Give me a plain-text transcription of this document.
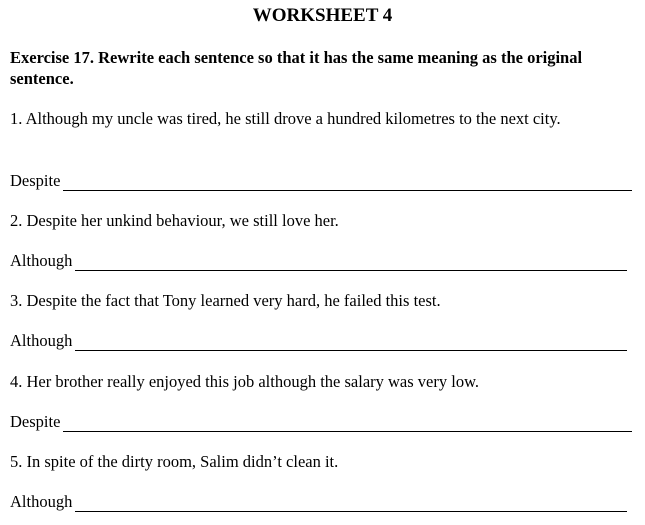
WORKSHEET 4
Exercise 17. Rewrite each sentence so that it has the same meaning as the original sentence.
1. Although my uncle was tired, he still drove a hundred kilometres to the next city.
Despite
2. Despite her unkind behaviour, we still love her.
Although
3. Despite the fact that Tony learned very hard, he failed this test.
Although
4. Her brother really enjoyed this job although the salary was very low.
Despite
5. In spite of the dirty room, Salim didn’t clean it.
Although
